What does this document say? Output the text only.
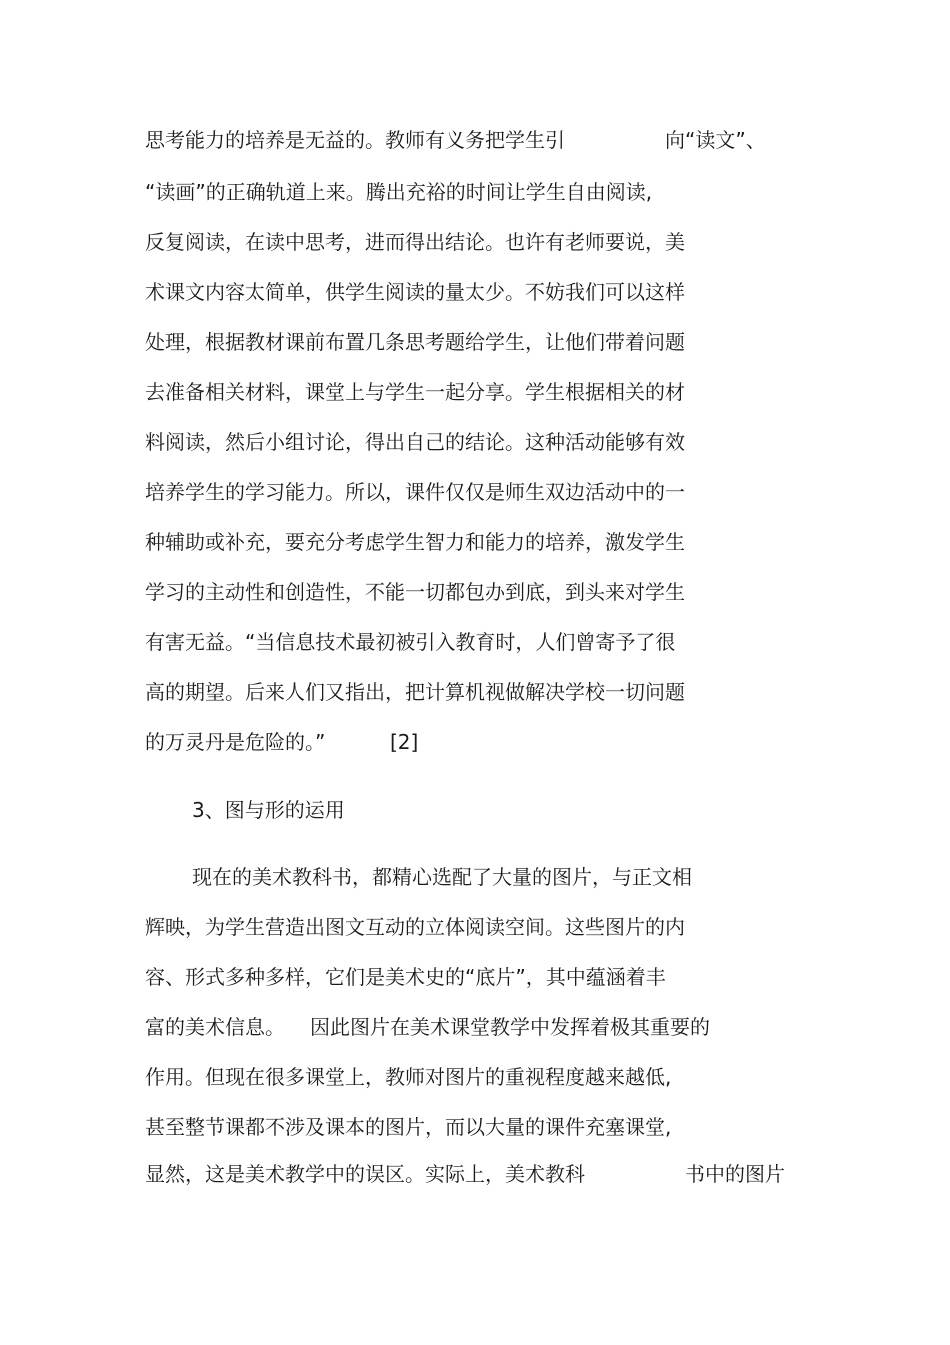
思考能力的培养是无益的。教师有义务把学生引	向“读文”、
“读画”的正确轨道上来。腾出充裕的时间让学生自由阅读,
反复阅读，在读中思考，进而得出结论。也许有老师要说，美
术课文内容太简单，供学生阅读的量太少。不妨我们可以这样
处理，根据教材课前布置几条思考题给学生，让他们带着问题
去准备相关材料，课堂上与学生一起分享。学生根据相关的材
料阅读，然后小组讨论，得出自己的结论。这种活动能够有效
培养学生的学习能力。所以，课件仅仅是师生双边活动中的一
种辅助或补充，要充分考虑学生智力和能力的培养，激发学生
学习的主动性和创造性，不能一切都包办到底，到头来对学生
有害无益。“当信息技术最初被引入教育时，人们曾寄予了很
高的期望。后来人们又指出，把计算机视做解决学校一切问题
的万灵丹是危险的。”	[2]
3、图与形的运用
现在的美术教科书，都精心选配了大量的图片，与正文相
辉映，为学生营造出图文互动的立体阅读空间。这些图片的内
容、形式多种多样，它们是美术史的“底片”，其中蕴涵着丰
富的美术信息。 因此图片在美术课堂教学中发挥着极其重要的
作用。但现在很多课堂上，教师对图片的重视程度越来越低,
甚至整节课都不涉及课本的图片，而以大量的课件充塞课堂,
显然，这是美术教学中的误区。实际上，美术教科	书中的图片
